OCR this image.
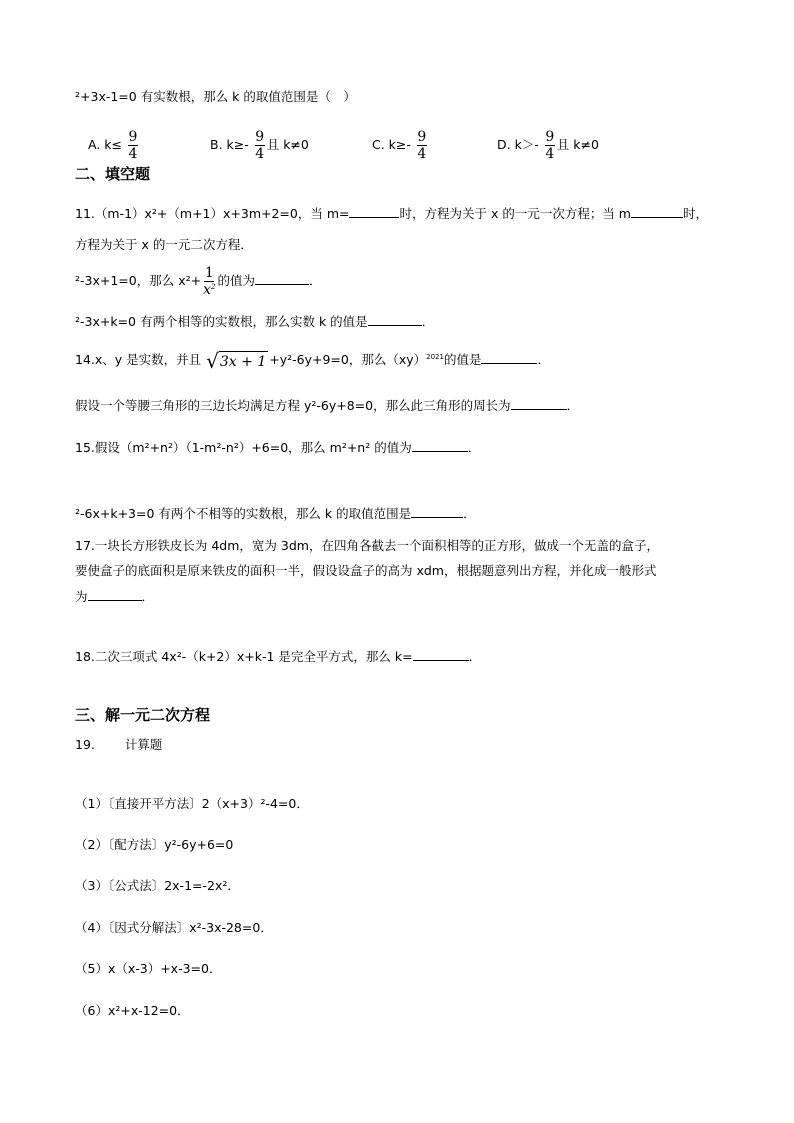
²+3x-1=0 有实数根，那么 k 的取值范围是（　）
A. $k\le \frac{9}{4}$	B. $k\ge- \frac{9}{4}$ 且 k≠0	C. $k\ge- \frac{9}{4}$	D. $k>- \frac{9}{4}$ 且 k≠0
二、填空题
11.（m-1）x²+（m+1）x+3m+2=0，当 m=	时，方程为关于 x 的一元一次方程；当 m	时，
方程为关于 x 的一元二次方程．
²-3x+1=0，那么 $x^2+ \frac{1}{x^2}$ 的值为	．
²-3x+k=0 有两个相等的实数根，那么实数 k 的值是	．
14.x、y 是实数，并且 √ 3x + 1 +y²-6y+9=0，那么（xy）$^{2021}$的值是	．
假设一个等腰三角形的三边长均满足方程 y²-6y+8=0，那么此三角形的周长为	．
15.假设（m²+n²）（1-m²-n²）+6=0，那么 m²+n² 的值为	．
²-6x+k+3=0 有两个不相等的实数根，那么 k 的取值范围是	．
17.一块长方形铁皮长为 4dm，宽为 3dm，在四角各截去一个面积相等的正方形，做成一个无盖的盒子，
要使盒子的底面积是原来铁皮的面积一半，假设设盒子的高为 xdm，根据题意列出方程，并化成一般形式
为	．
18.二次三项式 4x²-（k+2）x+k-1 是完全平方式，那么 k=	．
三、解一元二次方程
19. 计算题
（1）〔直接开平方法〕2（x+3）²-4=0．
（2）〔配方法〕y²-6y+6=0
（3）〔公式法〕2x-1=-2x²．
（4）〔因式分解法〕x²-3x-28=0．
（5）x（x-3）+x-3=0．
（6）x²+x-12=0．
